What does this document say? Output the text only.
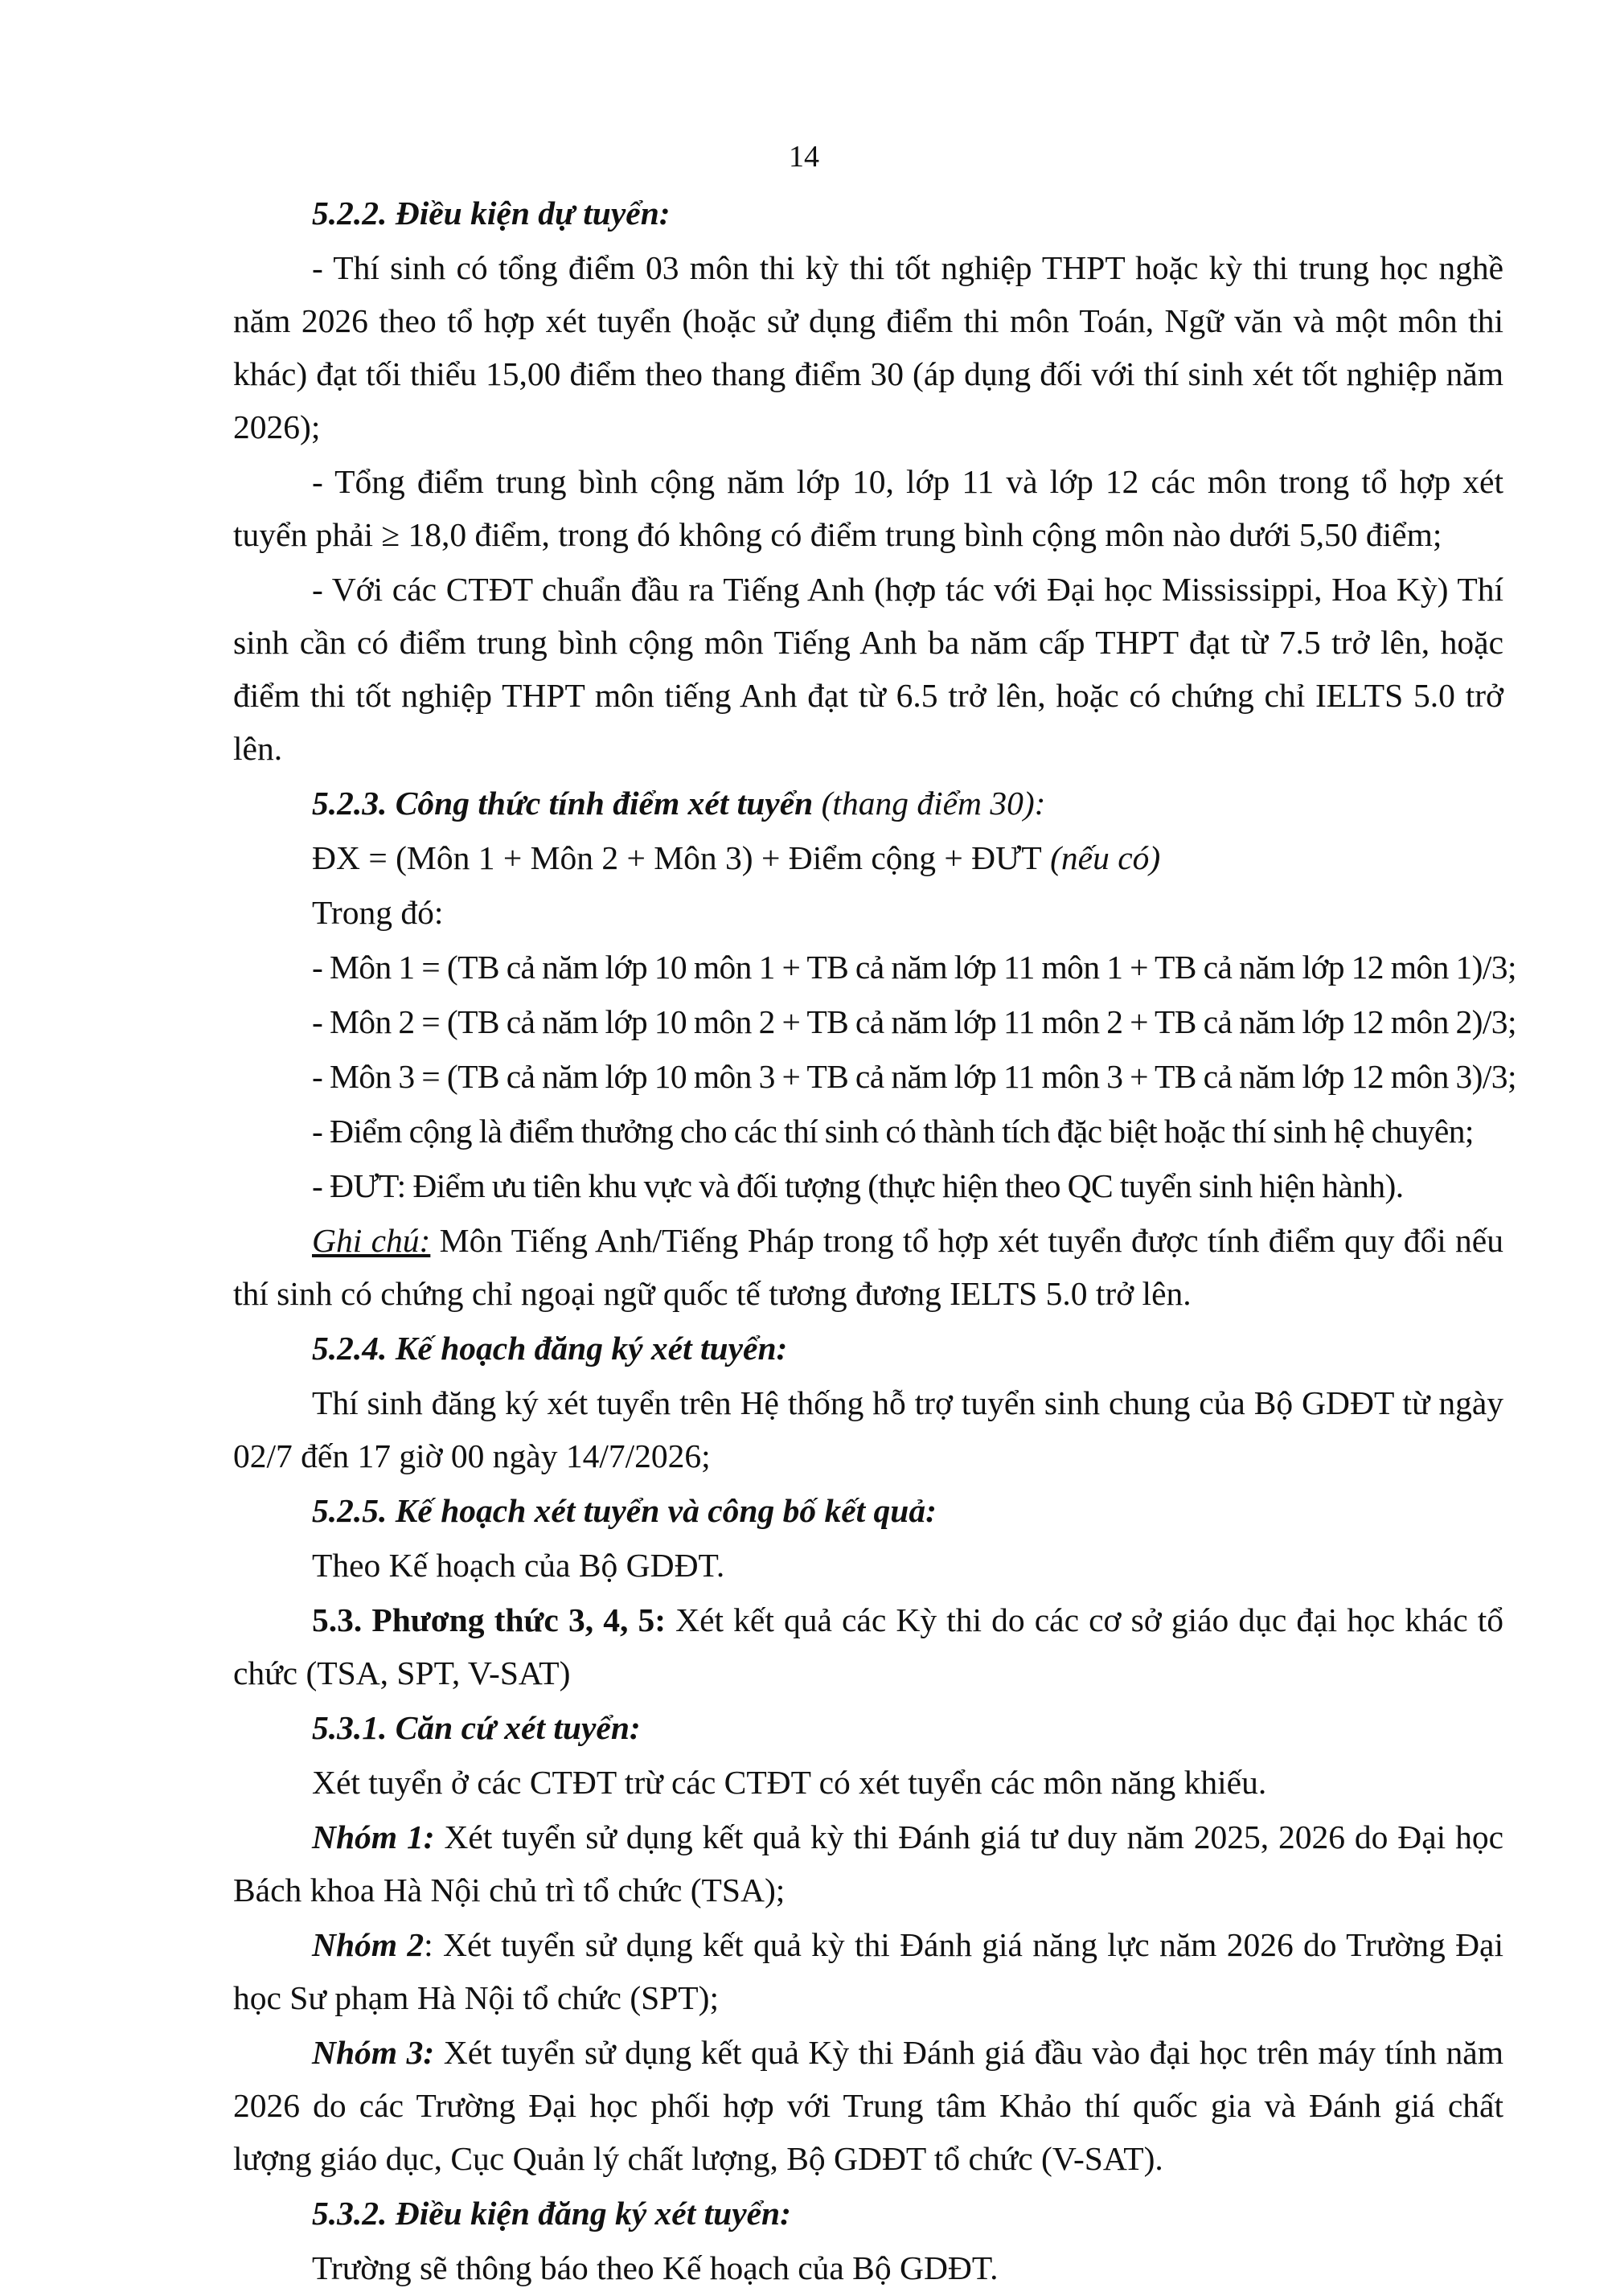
14
5.2.2. Điều kiện dự tuyển:
- Thí sinh có tổng điểm 03 môn thi kỳ thi tốt nghiệp THPT hoặc kỳ thi trung học nghề năm 2026 theo tổ hợp xét tuyển (hoặc sử dụng điểm thi môn Toán, Ngữ văn và một môn thi khác) đạt tối thiểu 15,00 điểm theo thang điểm 30 (áp dụng đối với thí sinh xét tốt nghiệp năm 2026);
- Tổng điểm trung bình cộng năm lớp 10, lớp 11 và lớp 12 các môn trong tổ hợp xét tuyển phải ≥ 18,0 điểm, trong đó không có điểm trung bình cộng môn nào dưới 5,50 điểm;
- Với các CTĐT chuẩn đầu ra Tiếng Anh (hợp tác với Đại học Mississippi, Hoa Kỳ) Thí sinh cần có điểm trung bình cộng môn Tiếng Anh ba năm cấp THPT đạt từ 7.5 trở lên, hoặc điểm thi tốt nghiệp THPT môn tiếng Anh đạt từ 6.5 trở lên, hoặc có chứng chỉ IELTS 5.0 trở lên.
5.2.3. Công thức tính điểm xét tuyển (thang điểm 30):
ĐX = (Môn 1 + Môn 2 + Môn 3) + Điểm cộng + ĐƯT (nếu có)
Trong đó:
- Môn 1 = (TB cả năm lớp 10 môn 1 + TB cả năm lớp 11 môn 1 + TB cả năm lớp 12 môn 1)/3;
- Môn 2 = (TB cả năm lớp 10 môn 2 + TB cả năm lớp 11 môn 2 + TB cả năm lớp 12 môn 2)/3;
- Môn 3 = (TB cả năm lớp 10 môn 3 + TB cả năm lớp 11 môn 3 + TB cả năm lớp 12 môn 3)/3;
- Điểm cộng là điểm thưởng cho các thí sinh có thành tích đặc biệt hoặc thí sinh hệ chuyên;
- ĐƯT: Điểm ưu tiên khu vực và đối tượng (thực hiện theo QC tuyển sinh hiện hành).
Ghi chú: Môn Tiếng Anh/Tiếng Pháp trong tổ hợp xét tuyển được tính điểm quy đổi nếu thí sinh có chứng chỉ ngoại ngữ quốc tế tương đương IELTS 5.0 trở lên.
5.2.4. Kế hoạch đăng ký xét tuyển:
Thí sinh đăng ký xét tuyển trên Hệ thống hỗ trợ tuyển sinh chung của Bộ GDĐT từ ngày 02/7 đến 17 giờ 00 ngày 14/7/2026;
5.2.5. Kế hoạch xét tuyển và công bố kết quả:
Theo Kế hoạch của Bộ GDĐT.
5.3. Phương thức 3, 4, 5: Xét kết quả các Kỳ thi do các cơ sở giáo dục đại học khác tổ chức (TSA, SPT, V-SAT)
5.3.1. Căn cứ xét tuyển:
Xét tuyển ở các CTĐT trừ các CTĐT có xét tuyển các môn năng khiếu.
Nhóm 1: Xét tuyển sử dụng kết quả kỳ thi Đánh giá tư duy năm 2025, 2026 do Đại học Bách khoa Hà Nội chủ trì tổ chức (TSA);
Nhóm 2: Xét tuyển sử dụng kết quả kỳ thi Đánh giá năng lực năm 2026 do Trường Đại học Sư phạm Hà Nội tổ chức (SPT);
Nhóm 3: Xét tuyển sử dụng kết quả Kỳ thi Đánh giá đầu vào đại học trên máy tính năm 2026 do các Trường Đại học phối hợp với Trung tâm Khảo thí quốc gia và Đánh giá chất lượng giáo dục, Cục Quản lý chất lượng, Bộ GDĐT tổ chức (V-SAT).
5.3.2. Điều kiện đăng ký xét tuyển:
Trường sẽ thông báo theo Kế hoạch của Bộ GDĐT.
